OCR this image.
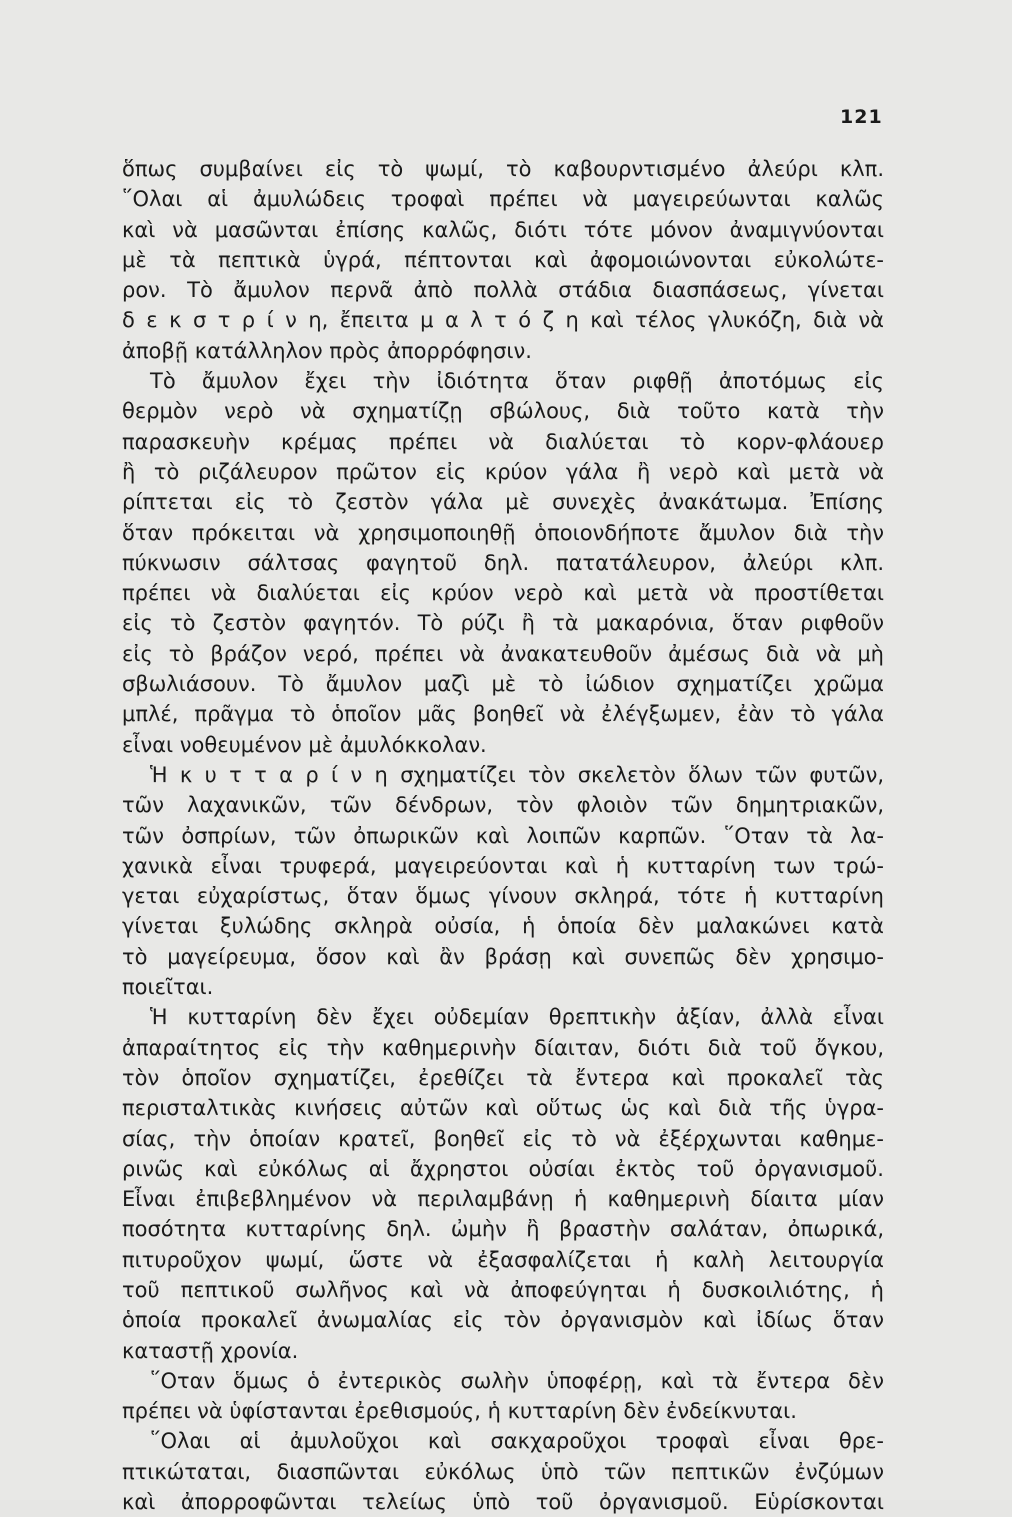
121
ὅπως συμβαίνει εἰς τὸ ψωμί, τὸ καβουρντισμένο ἀλεύρι κλπ.
῞Ολαι αἱ ἀμυλώδεις τροφαὶ πρέπει νὰ μαγειρεύωνται καλῶς
καὶ νὰ μασῶνται ἐπίσης καλῶς, διότι τότε μόνον ἀναμιγνύονται
μὲ τὰ πεπτικὰ ὑγρά, πέπτονται καὶ ἀφομοιώνονται εὐκολώτε-
ρον. Τὸ ἄμυλον περνᾶ ἀπὸ πολλὰ στάδια διασπάσεως, γίνεται
δ ε κ σ τ ρ ί ν η, ἔπειτα μ α λ τ ό ζ η καὶ τέλος γλυκόζη, διὰ νὰ
ἀποβῇ κατάλληλον πρὸς ἀπορρόφησιν.
Τὸ ἄμυλον ἔχει τὴν ἰδιότητα ὅταν ριφθῇ ἀποτόμως εἰς
θερμὸν νερὸ νὰ σχηματίζῃ σβώλους, διὰ τοῦτο κατὰ τὴν
παρασκευὴν κρέμας πρέπει νὰ διαλύεται τὸ κορν-φλάουερ
ἢ τὸ ριζάλευρον πρῶτον εἰς κρύον γάλα ἢ νερὸ καὶ μετὰ νὰ
ρίπτεται εἰς τὸ ζεστὸν γάλα μὲ συνεχὲς ἀνακάτωμα. Ἐπίσης
ὅταν πρόκειται νὰ χρησιμοποιηθῇ ὁποιονδήποτε ἄμυλον διὰ τὴν
πύκνωσιν σάλτσας φαγητοῦ δηλ. πατατάλευρον, ἀλεύρι κλπ.
πρέπει νὰ διαλύεται εἰς κρύον νερὸ καὶ μετὰ νὰ προστίθεται
εἰς τὸ ζεστὸν φαγητόν. Τὸ ρύζι ἢ τὰ μακαρόνια, ὅταν ριφθοῦν
εἰς τὸ βράζον νερό, πρέπει νὰ ἀνακατευθοῦν ἀμέσως διὰ νὰ μὴ
σβωλιάσουν. Τὸ ἄμυλον μαζὶ μὲ τὸ ἰώδιον σχηματίζει χρῶμα
μπλέ, πρᾶγμα τὸ ὁποῖον μᾶς βοηθεῖ νὰ ἐλέγξωμεν, ἐὰν τὸ γάλα
εἶναι νοθευμένον μὲ ἀμυλόκκολαν.
Ἡ κ υ τ τ α ρ ί ν η σχηματίζει τὸν σκελετὸν ὅλων τῶν φυτῶν,
τῶν λαχανικῶν, τῶν δένδρων, τὸν φλοιὸν τῶν δημητριακῶν,
τῶν ὀσπρίων, τῶν ὀπωρικῶν καὶ λοιπῶν καρπῶν. ῞Οταν τὰ λα-
χανικὰ εἶναι τρυφερά, μαγειρεύονται καὶ ἡ κυτταρίνη των τρώ-
γεται εὐχαρίστως, ὅταν ὅμως γίνουν σκληρά, τότε ἡ κυτταρίνη
γίνεται ξυλώδης σκληρὰ οὐσία, ἡ ὁποία δὲν μαλακώνει κατὰ
τὸ μαγείρευμα, ὅσον καὶ ἂν βράσῃ καὶ συνεπῶς δὲν χρησιμο-
ποιεῖται.
Ἡ κυτταρίνη δὲν ἔχει οὐδεμίαν θρεπτικὴν ἀξίαν, ἀλλὰ εἶναι
ἀπαραίτητος εἰς τὴν καθημερινὴν δίαιταν, διότι διὰ τοῦ ὄγκου,
τὸν ὁποῖον σχηματίζει, ἐρεθίζει τὰ ἔντερα καὶ προκαλεῖ τὰς
περισταλτικὰς κινήσεις αὐτῶν καὶ οὕτως ὡς καὶ διὰ τῆς ὑγρα-
σίας, τὴν ὁποίαν κρατεῖ, βοηθεῖ εἰς τὸ νὰ ἐξέρχωνται καθημε-
ρινῶς καὶ εὐκόλως αἱ ἄχρηστοι οὐσίαι ἐκτὸς τοῦ ὀργανισμοῦ.
Εἶναι ἐπιβεβλημένον νὰ περιλαμβάνῃ ἡ καθημερινὴ δίαιτα μίαν
ποσότητα κυτταρίνης δηλ. ὠμὴν ἢ βραστὴν σαλάταν, ὀπωρικά,
πιτυροῦχον ψωμί, ὥστε νὰ ἐξασφαλίζεται ἡ καλὴ λειτουργία
τοῦ πεπτικοῦ σωλῆνος καὶ νὰ ἀποφεύγηται ἡ δυσκοιλιότης, ἡ
ὁποία προκαλεῖ ἀνωμαλίας εἰς τὸν ὀργανισμὸν καὶ ἰδίως ὅταν
καταστῇ χρονία.
῞Οταν ὅμως ὁ ἐντερικὸς σωλὴν ὑποφέρῃ, καὶ τὰ ἔντερα δὲν
πρέπει νὰ ὑφίστανται ἐρεθισμούς, ἡ κυτταρίνη δὲν ἐνδείκνυται.
῞Ολαι αἱ ἀμυλοῦχοι καὶ σακχαροῦχοι τροφαὶ εἶναι θρε-
πτικώταται, διασπῶνται εὐκόλως ὑπὸ τῶν πεπτικῶν ἐνζύμων
καὶ ἀπορροφῶνται τελείως ὑπὸ τοῦ ὀργανισμοῦ. Εὑρίσκονται
